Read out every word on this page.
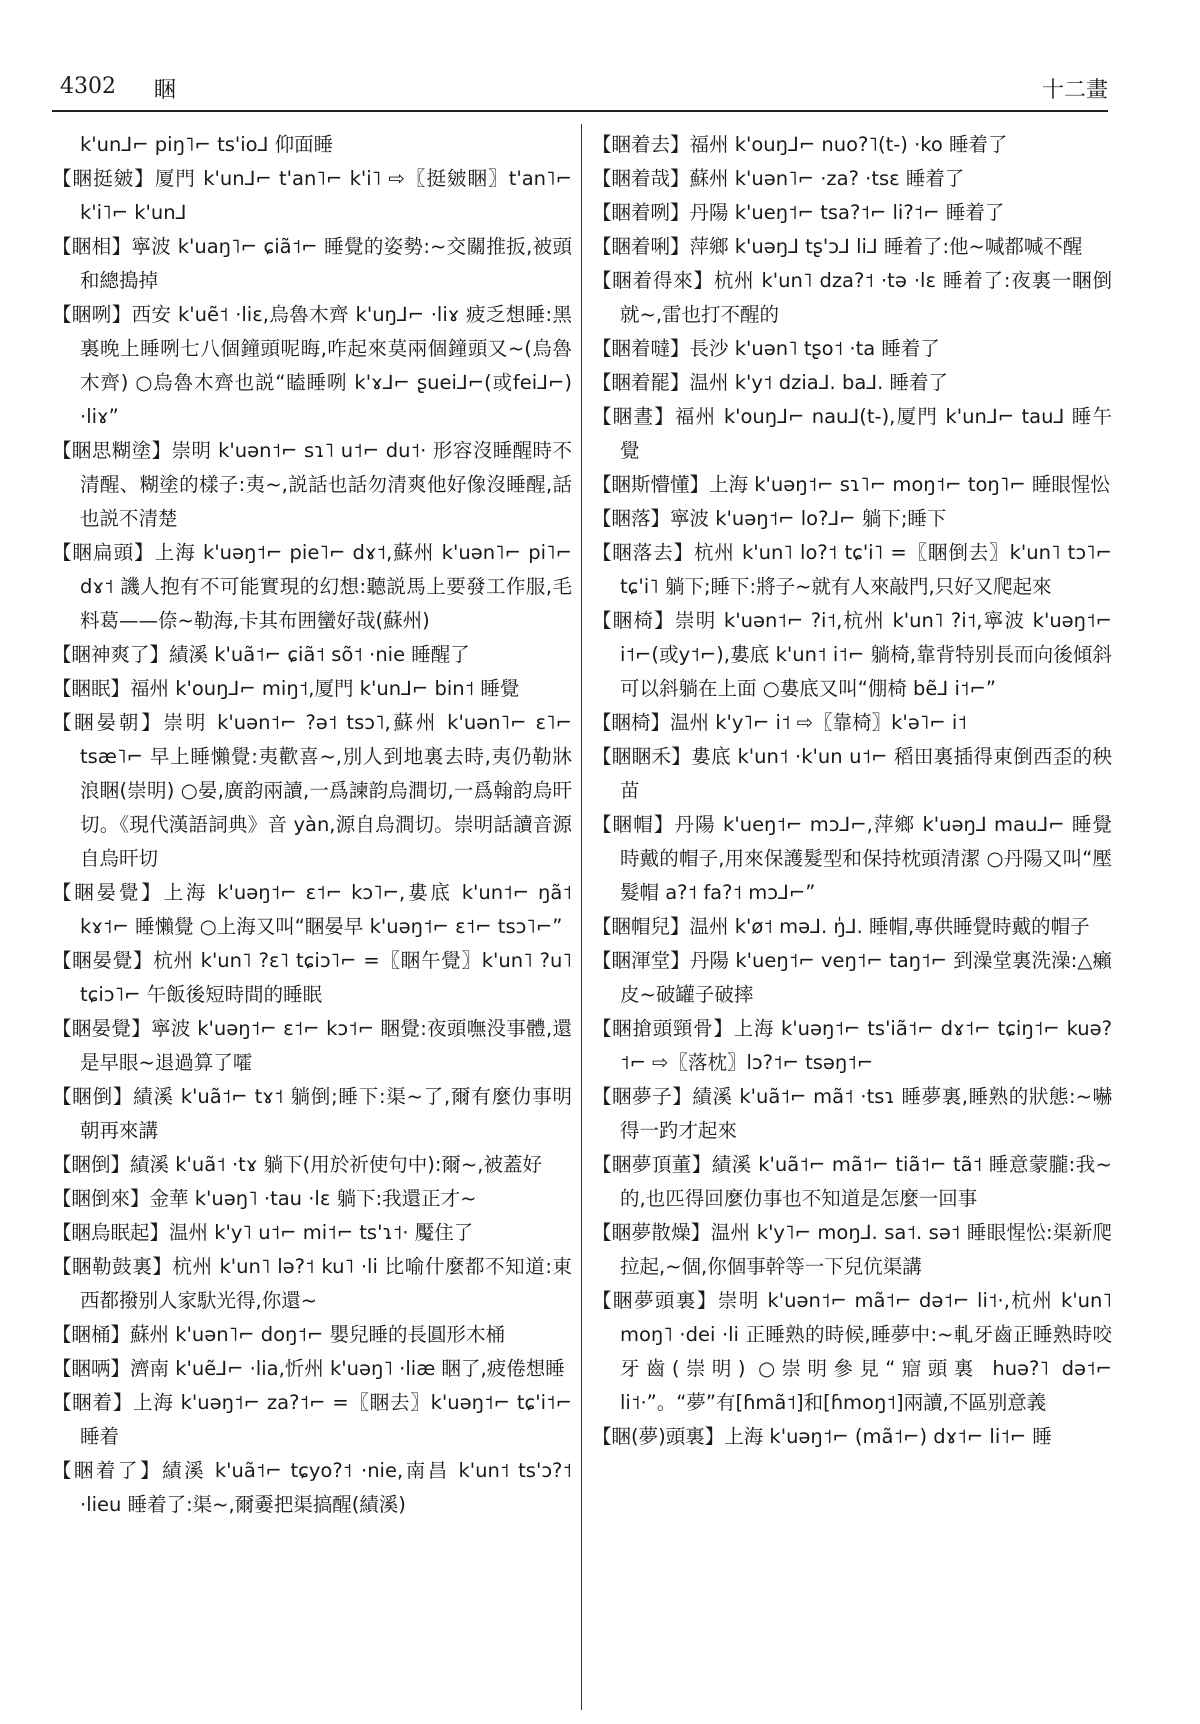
4302 睏	十二畫

k'un⅃⌐ piŋ˥⌐ ts'io⅃ 仰面睡

【睏挺皴】厦門 k'un⅃⌐ t'an˥⌐ k'i˥ ⇨〖挺皴睏〗t'an˥⌐ k'i˥⌐ k'un⅃

【睏相】寧波 k'uaŋ˥⌐ ɕiã˦⌐ 睡覺的姿勢:~交關推扳,被頭和總搗掉

【睏咧】西安 k'uẽ˦ ·liɛ,烏魯木齊 k'uŋ⅃⌐ ·liɤ 疲乏想睡:黑裏晚上睡咧七八個鐘頭呢晦,咋起來莫兩個鐘頭又~(烏魯木齊) ○烏魯木齊也説“瞌睡咧 k'ɤ⅃⌐ ʂuei⅃⌐(或fei⅃⌐) ·liɤ”

【睏思糊塗】崇明 k'uən˦⌐ sɿ˥ u˦⌐ du˦· 形容沒睡醒時不清醒、糊塗的樣子:夷~,説話也話勿清爽他好像沒睡醒,話也説不清楚

【睏扁頭】上海 k'uəŋ˦⌐ pie˥⌐ dɤ˦,蘇州 k'uən˥⌐ pi˥⌐ dɤ˦ 譏人抱有不可能實現的幻想:聽説馬上要發工作服,毛料葛——倷~勒海,卡其布囲蠻好哉(蘇州)

【睏神爽了】績溪 k'uã˦⌐ ɕiã˦ sõ˦ ·nie 睡醒了

【睏眠】福州 k'ouŋ⅃⌐ miŋ˦,厦門 k'un⅃⌐ bin˦ 睡覺

【睏晏朝】崇明 k'uən˦⌐ ?ə˦ tsɔ˥,蘇州 k'uən˥⌐ ɛ˥⌐ tsæ˥⌐ 早上睡懶覺:夷歡喜~,別人到地裏去時,夷仍勒牀浪睏(崇明) ○晏,廣韵兩讀,一爲諫韵烏澗切,一爲翰韵烏旰切。《現代漢語詞典》音 yàn,源自烏澗切。崇明話讀音源自烏旰切

【睏晏覺】上海 k'uəŋ˦⌐ ɛ˦⌐ kɔ˥⌐,婁底 k'un˦⌐ ŋã˦ kɤ˦⌐ 睡懶覺 ○上海又叫“睏晏早 k'uəŋ˦⌐ ɛ˦⌐ tsɔ˥⌐”

【睏晏覺】杭州 k'un˥ ?ɛ˥ tɕiɔ˥⌐ =〖睏午覺〗k'un˥ ?u˥ tɕiɔ˥⌐ 午飯後短時間的睡眠

【睏晏覺】寧波 k'uəŋ˦⌐ ɛ˦⌐ kɔ˦⌐ 睏覺:夜頭嘸没事體,還是早眼~退過算了嚯

【睏倒】績溪 k'uã˦⌐ tɤ˦ 躺倒;睡下:渠~了,爾有麼仂事明朝再來講

【睏倒】績溪 k'uã˦ ·tɤ 躺下(用於祈使句中):爾~,被蓋好

【睏倒來】金華 k'uəŋ˥ ·tau ·lɛ 躺下:我還正才~

【睏烏眠起】温州 k'y˥ u˦⌐ mi˦⌐ ts'ɿ˦· 魘住了

【睏勒鼓裏】杭州 k'un˥ lə?˦ ku˥ ·li 比喻什麼都不知道:東西都撥别人家馱光得,你還~

【睏桶】蘇州 k'uən˥⌐ doŋ˦⌐ 嬰兒睡的長圓形木桶

【睏唡】濟南 k'uẽ⅃⌐ ·lia,忻州 k'uəŋ˥ ·liæ 睏了,疲倦想睡

【睏着】上海 k'uəŋ˦⌐ za?˦⌐ =〖睏去〗k'uəŋ˦⌐ tɕ'i˦⌐ 睡着

【睏着了】績溪 k'uã˦⌐ tɕyo?˦ ·nie,南昌 k'un˦ ts'ɔ?˦ ·lieu 睡着了:渠~,爾嫑把渠搞醒(績溪)

【睏着去】福州 k'ouŋ⅃⌐ nuo?˥(t-) ·ko 睡着了

【睏着哉】蘇州 k'uən˥⌐ ·za? ·tsɛ 睡着了

【睏着咧】丹陽 k'ueŋ˦⌐ tsa?˦⌐ li?˦⌐ 睡着了

【睏着唎】萍鄉 k'uəŋ⅃ tʂ'ɔ⅃ li⅃ 睡着了:他~喊都喊不醒

【睏着得來】杭州 k'un˥ dza?˦ ·tə ·lɛ 睡着了:夜裏一睏倒就~,雷也打不醒的

【睏着噠】長沙 k'uən˥ tʂo˦ ·ta 睡着了

【睏着罷】温州 k'y˦ dzia⅃. ba⅃. 睡着了

【睏晝】福州 k'ouŋ⅃⌐ nau⅃(t-),厦門 k'un⅃⌐ tau⅃ 睡午覺

【睏斯懵懂】上海 k'uəŋ˦⌐ sɿ˥⌐ moŋ˦⌐ toŋ˥⌐ 睡眼惺忪

【睏落】寧波 k'uəŋ˦⌐ lo?⅃⌐ 躺下;睡下

【睏落去】杭州 k'un˥ lo?˦ tɕ'i˥ =〖睏倒去〗k'un˥ tɔ˥⌐ tɕ'i˥ 躺下;睡下:將子~就有人來敲門,只好又爬起來

【睏椅】崇明 k'uən˦⌐ ?i˦,杭州 k'un˥ ?i˦,寧波 k'uəŋ˦⌐ i˦⌐(或y˦⌐),婁底 k'un˦ i˦⌐ 躺椅,靠背特别長而向後傾斜可以斜躺在上面 ○婁底又叫“倗椅 bẽ⅃ i˦⌐”

【睏椅】温州 k'y˥⌐ i˦ ⇨〖靠椅〗k'ə˥⌐ i˦

【睏睏禾】婁底 k'un˦ ·k'un u˦⌐ 稻田裏插得東倒西歪的秧苗

【睏帽】丹陽 k'ueŋ˦⌐ mɔ⅃⌐,萍鄉 k'uəŋ⅃ mau⅃⌐ 睡覺時戴的帽子,用來保護髮型和保持枕頭清潔 ○丹陽又叫“壓髮帽 a?˦ fa?˦ mɔ⅃⌐”

【睏帽兒】温州 k'ø˦ mə⅃. ŋ̍⅃. 睡帽,專供睡覺時戴的帽子

【睏渾堂】丹陽 k'ueŋ˦⌐ veŋ˦⌐ taŋ˦⌐ 到澡堂裏洗澡:△癩皮~破罐子破摔

【睏搶頭頸骨】上海 k'uəŋ˦⌐ ts'iã˦⌐ dɤ˦⌐ tɕiŋ˦⌐ kuə?˦⌐ ⇨〖落枕〗lɔ?˦⌐ tsəŋ˦⌐

【睏夢子】績溪 k'uã˦⌐ mã˦ ·tsɿ 睡夢裏,睡熟的狀態:~嚇得一趵才起來

【睏夢頂董】績溪 k'uã˦⌐ mã˦⌐ tiã˦⌐ tã˦ 睡意蒙朧:我~的,也匹得回麼仂事也不知道是怎麼一回事

【睏夢散燥】温州 k'y˥⌐ moŋ⅃. sa˦. sə˦ 睡眼惺忪:渠新爬拉起,~個,你個事幹等一下兒伉渠講

【睏夢頭裏】崇明 k'uən˦⌐ mã˦⌐ də˦⌐ li˦·,杭州 k'un˥ moŋ˥ ·dei ·li 正睡熟的時候,睡夢中:~軋牙齒正睡熟時咬牙齒(崇明) ○崇明參見“寣頭裏 huə?˥ də˦⌐ li˦·”。“夢”有[ɦmã˦]和[ɦmoŋ˦]兩讀,不區别意義

【睏(夢)頭裏】上海 k'uəŋ˦⌐ (mã˦⌐) dɤ˦⌐ li˦⌐ 睡
